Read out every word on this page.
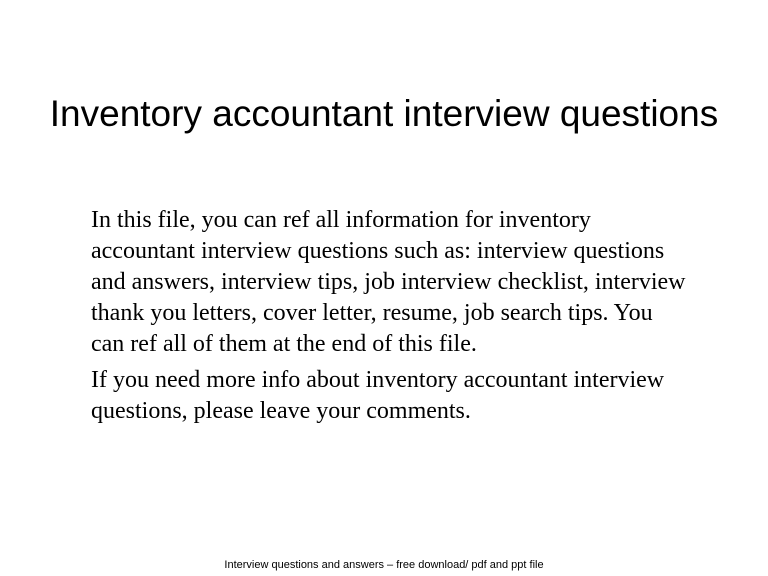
Inventory accountant interview questions

In this file, you can ref all information for inventory
accountant interview questions such as: interview questions
and answers, interview tips, job interview checklist, interview
thank you letters, cover letter, resume, job search tips. You
can ref all of them at the end of this file.

If you need more info about inventory accountant interview
questions, please leave your comments.

Interview questions and answers – free download/ pdf and ppt file
